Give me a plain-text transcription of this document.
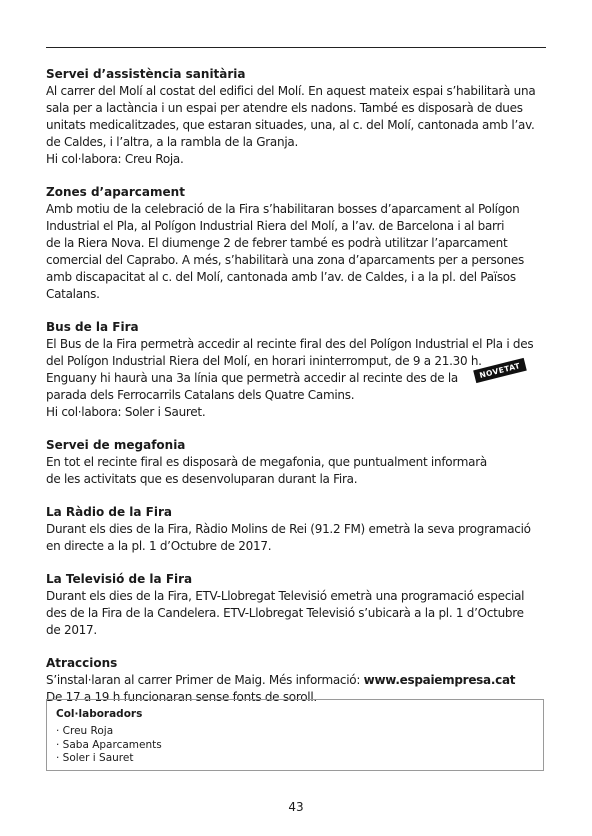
Servei d’assistència sanitària

Al carrer del Molí al costat del edifici del Molí. En aquest mateix espai s’habilitarà una

sala per a lactància i un espai per atendre els nadons. També es disposarà de dues

unitats medicalitzades, que estaran situades, una, al c. del Molí, cantonada amb l’av.

de Caldes, i l’altra, a la rambla de la Granja.

Hi col·labora: Creu Roja.

Zones d’aparcament

Amb motiu de la celebració de la Fira s’habilitaran bosses d’aparcament al Polígon

Industrial el Pla, al Polígon Industrial Riera del Molí, a l’av. de Barcelona i al barri

de la Riera Nova. El diumenge 2 de febrer també es podrà utilitzar l’aparcament

comercial del Caprabo. A més, s’habilitarà una zona d’aparcaments per a persones

amb discapacitat al c. del Molí, cantonada amb l’av. de Caldes, i a la pl. del Països

Catalans.

Bus de la Fira

El Bus de la Fira permetrà accedir al recinte firal des del Polígon Industrial el Pla i des

del Polígon Industrial Riera del Molí, en horari ininterromput, de 9 a 21.30 h.

Enguany hi haurà una 3a línia que permetrà accedir al recinte des de la	NOVETAT

parada dels Ferrocarrils Catalans dels Quatre Camins.

Hi col·labora: Soler i Sauret.

Servei de megafonia

En tot el recinte firal es disposarà de megafonia, que puntualment informarà

de les activitats que es desenvoluparan durant la Fira.

La Ràdio de la Fira

Durant els dies de la Fira, Ràdio Molins de Rei (91.2 FM) emetrà la seva programació

en directe a la pl. 1 d’Octubre de 2017.

La Televisió de la Fira

Durant els dies de la Fira, ETV-Llobregat Televisió emetrà una programació especial

des de la Fira de la Candelera. ETV-Llobregat Televisió s’ubicarà a la pl. 1 d’Octubre

de 2017.

Atraccions

S’instal·laran al carrer Primer de Maig. Més informació: www.espaiempresa.cat

De 17 a 19 h funcionaran sense fonts de soroll.

Col·laboradors

· Creu Roja

· Saba Aparcaments

· Soler i Sauret

43
